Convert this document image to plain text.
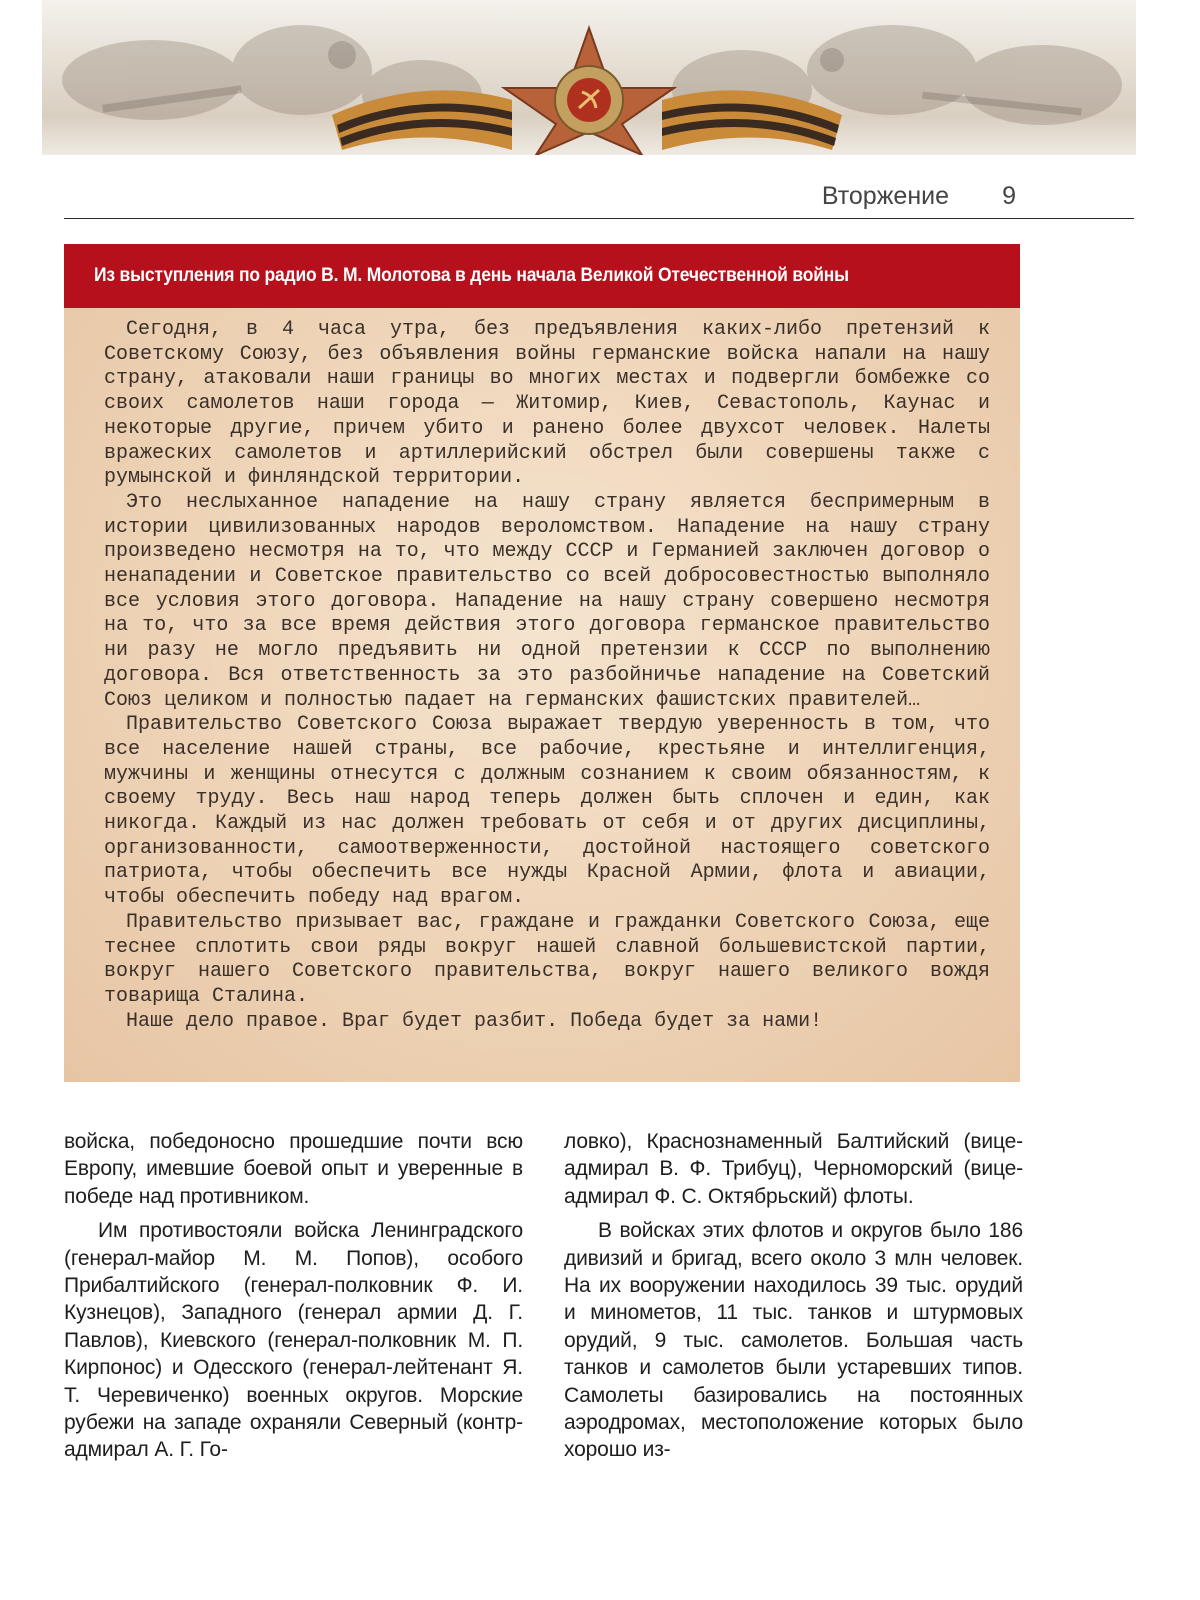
Вторжение 9
Из выступления по радио В. М. Молотова в день начала Великой Отечественной войны

Сегодня, в 4 часа утра, без предъявления каких-либо претензий к Советскому Союзу, без объявления войны германские войска напали на нашу страну, атаковали наши границы во многих местах и подвергли бомбежке со своих самолетов наши города — Житомир, Киев, Севастополь, Каунас и некоторые другие, причем убито и ранено более двухсот человек. Налеты вражеских самолетов и артиллерийский обстрел были совершены также с румынской и финляндской территории.

Это неслыханное нападение на нашу страну является беспримерным в истории цивилизованных народов вероломством. Нападение на нашу страну произведено несмотря на то, что между СССР и Германией заключен договор о ненападении и Советское правительство со всей добросовестностью выполняло все условия этого договора. Нападение на нашу страну совершено несмотря на то, что за все время действия этого договора германское правительство ни разу не могло предъявить ни одной претензии к СССР по выполнению договора. Вся ответственность за это разбойничье нападение на Советский Союз целиком и полностью падает на германских фашистских правителей…

Правительство Советского Союза выражает твердую уверенность в том, что все население нашей страны, все рабочие, крестьяне и интеллигенция, мужчины и женщины отнесутся с должным сознанием к своим обязанностям, к своему труду. Весь наш народ теперь должен быть сплочен и един, как никогда. Каждый из нас должен требовать от себя и от других дисциплины, организованности, самоотверженности, достойной настоящего советского патриота, чтобы обеспечить все нужды Красной Армии, флота и авиации, чтобы обеспечить победу над врагом.

Правительство призывает вас, граждане и гражданки Советского Союза, еще теснее сплотить свои ряды вокруг нашей славной большевистской партии, вокруг нашего Советского правительства, вокруг нашего великого вождя товарища Сталина.

Наше дело правое. Враг будет разбит. Победа будет за нами!

войска, победоносно прошедшие почти всю Европу, имевшие боевой опыт и уверенные в победе над противником.

Им противостояли войска Ленинградского (генерал-майор М. М. Попов), особого Прибалтийского (генерал-полковник Ф. И. Кузнецов), Западного (генерал армии Д. Г. Павлов), Киевского (генерал-полковник М. П. Кирпонос) и Одесского (генерал-лейтенант Я. Т. Черевиченко) военных округов. Морские рубежи на западе охраняли Северный (контр-адмирал А. Г. Го-

ловко), Краснознаменный Балтийский (вице-адмирал В. Ф. Трибуц), Черноморский (вице-адмирал Ф. С. Октябрьский) флоты.

В войсках этих флотов и округов было 186 дивизий и бригад, всего около 3 млн человек. На их вооружении находилось 39 тыс. орудий и минометов, 11 тыс. танков и штурмовых орудий, 9 тыс. самолетов. Большая часть танков и самолетов были устаревших типов. Самолеты базировались на постоянных аэродромах, местоположение которых было хорошо из-
